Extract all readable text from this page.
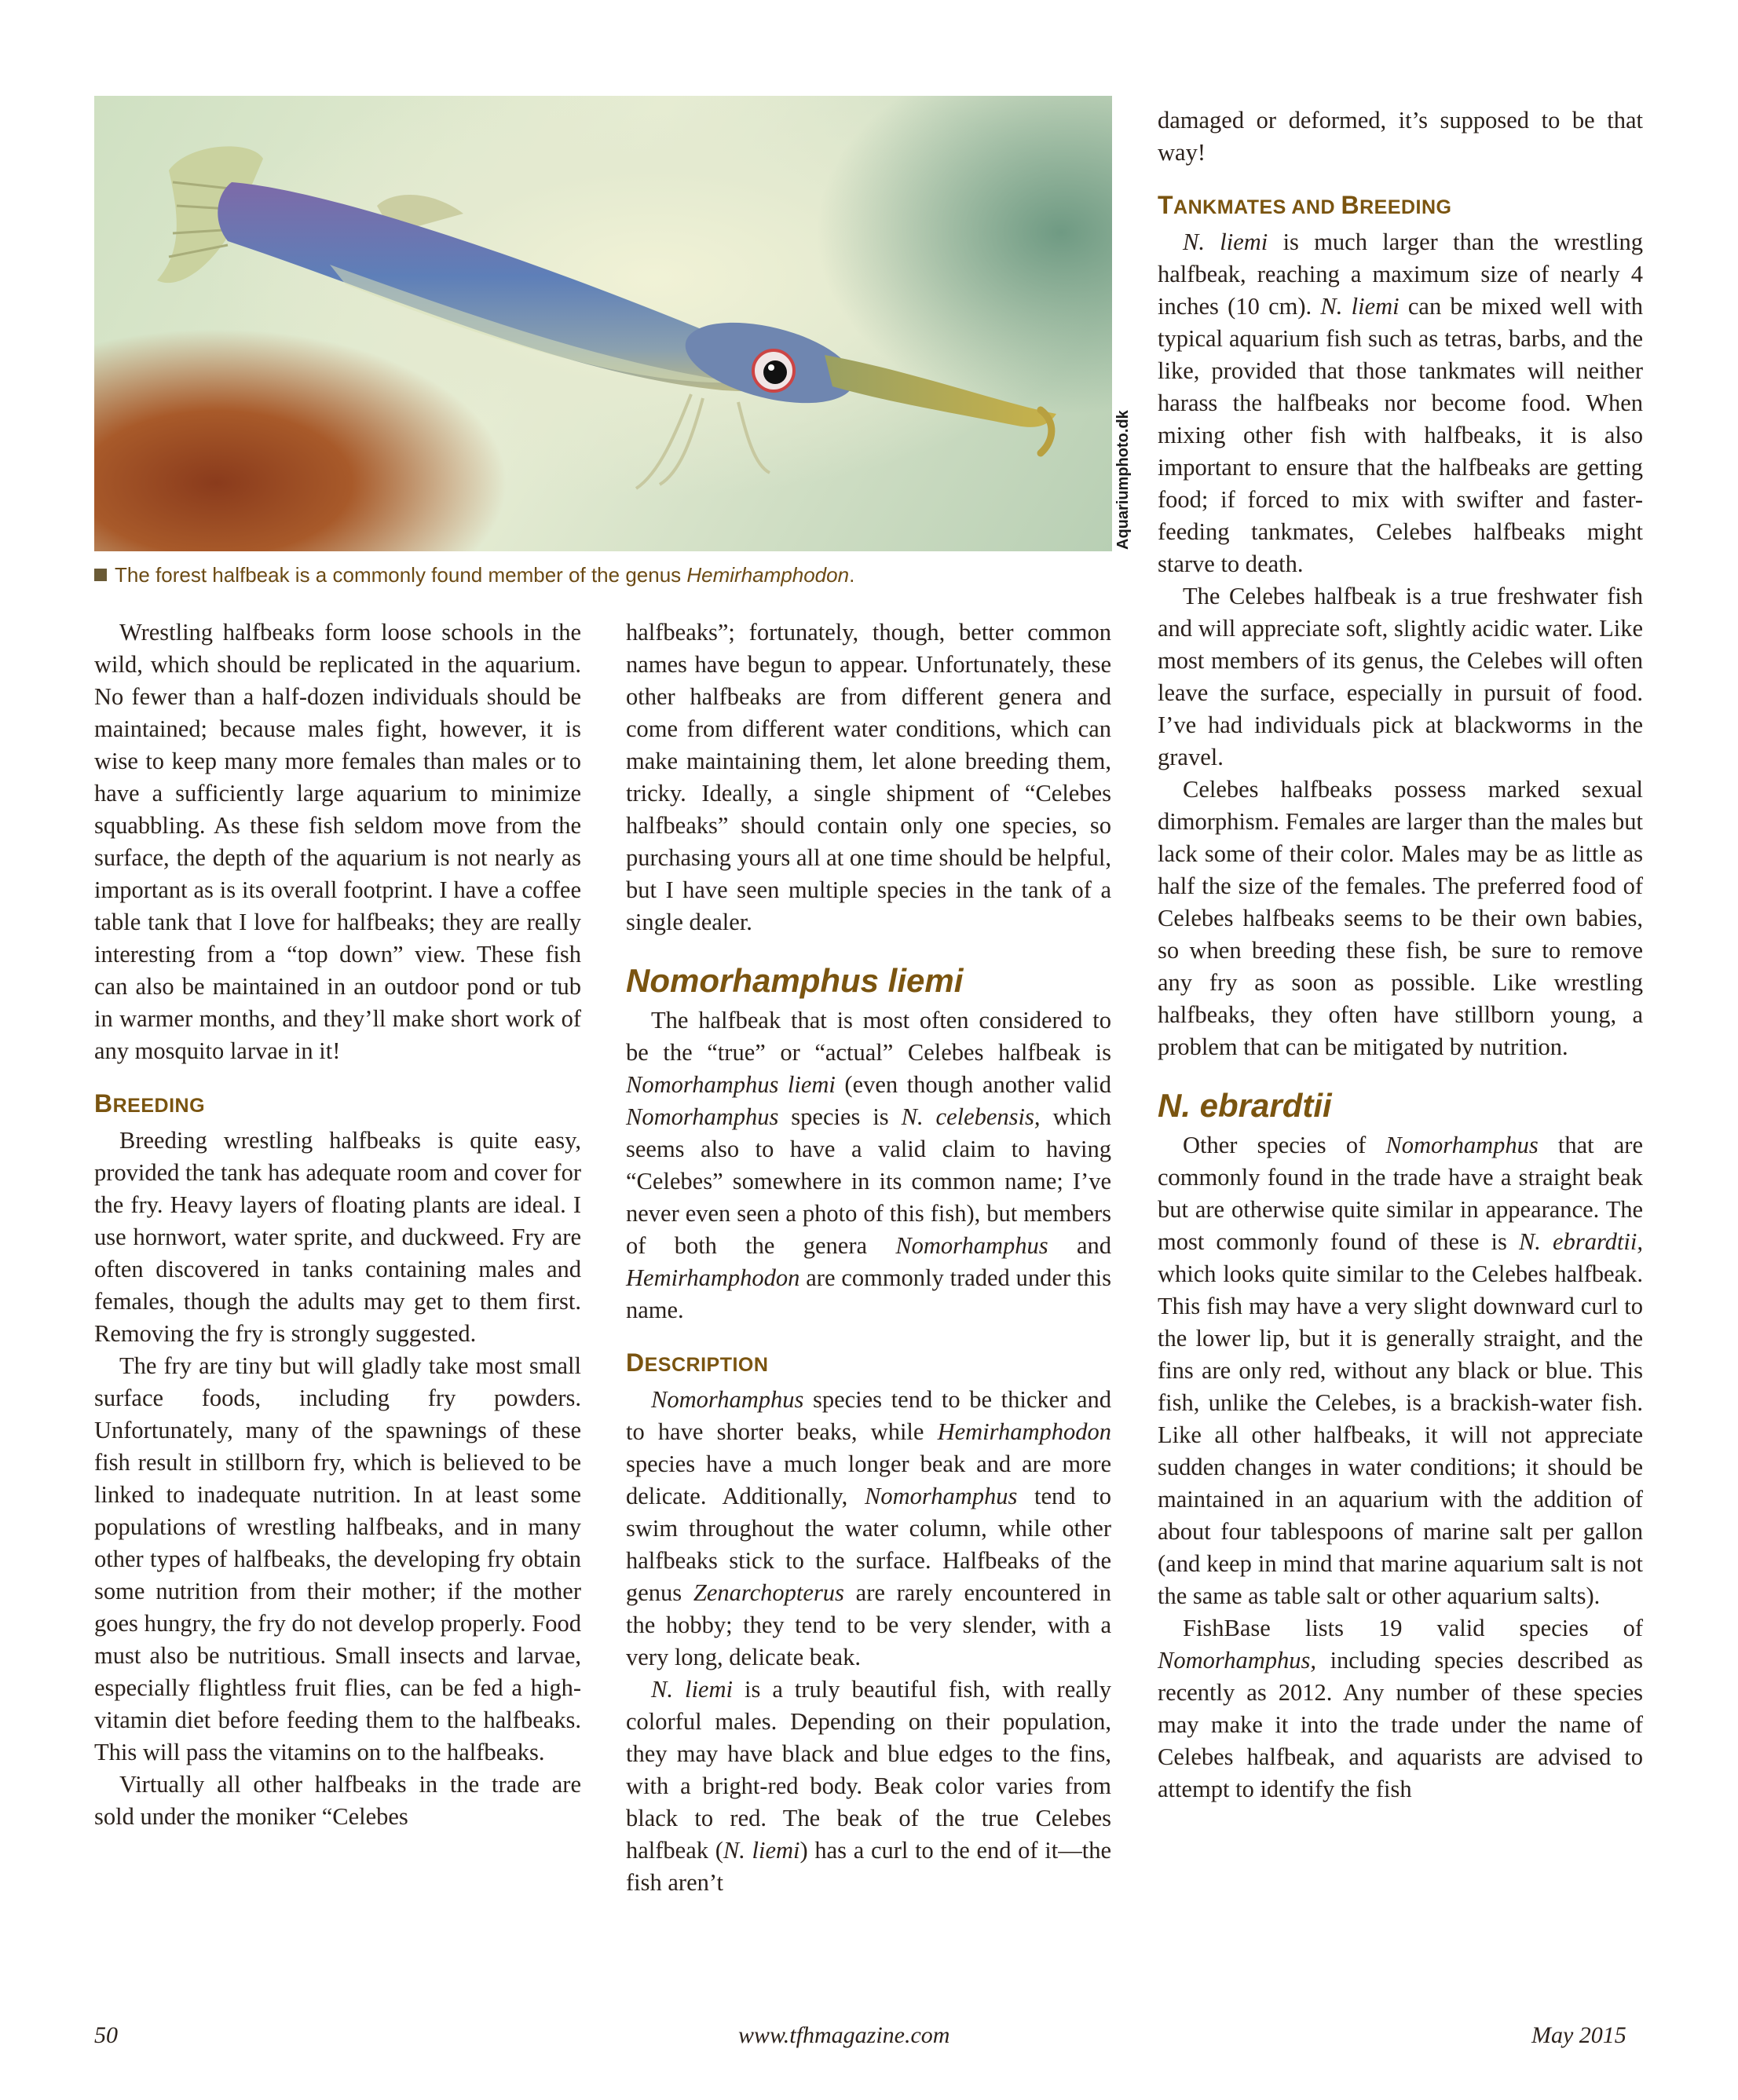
Aquariumphoto.dk
The forest halfbeak is a commonly found member of the genus Hemirhamphodon.

Wrestling halfbeaks form loose schools in the wild, which should be replicated in the aquarium. No fewer than a half-dozen individuals should be maintained; because males fight, however, it is wise to keep many more females than males or to have a sufficiently large aquarium to minimize squabbling. As these fish seldom move from the surface, the depth of the aquarium is not nearly as important as is its overall footprint. I have a coffee table tank that I love for halfbeaks; they are really interesting from a “top down” view. These fish can also be maintained in an outdoor pond or tub in warmer months, and they’ll make short work of any mosquito larvae in it!

BREEDING

Breeding wrestling halfbeaks is quite easy, provided the tank has adequate room and cover for the fry. Heavy layers of floating plants are ideal. I use hornwort, water sprite, and duckweed. Fry are often discovered in tanks containing males and females, though the adults may get to them first. Removing the fry is strongly suggested.

The fry are tiny but will gladly take most small surface foods, including fry powders. Unfortunately, many of the spawnings of these fish result in stillborn fry, which is believed to be linked to inadequate nutrition. In at least some populations of wrestling halfbeaks, and in many other types of halfbeaks, the developing fry obtain some nutrition from their mother; if the mother goes hungry, the fry do not develop properly. Food must also be nutritious. Small insects and larvae, especially flightless fruit flies, can be fed a high-vitamin diet before feeding them to the halfbeaks. This will pass the vitamins on to the halfbeaks.

Virtually all other halfbeaks in the trade are sold under the moniker “Celebes

halfbeaks”; fortunately, though, better common names have begun to appear. Unfortunately, these other halfbeaks are from different genera and come from different water conditions, which can make maintaining them, let alone breeding them, tricky. Ideally, a single shipment of “Celebes halfbeaks” should contain only one species, so purchasing yours all at one time should be helpful, but I have seen multiple species in the tank of a single dealer.

Nomorhamphus liemi

The halfbeak that is most often considered to be the “true” or “actual” Celebes halfbeak is Nomorhamphus liemi (even though another valid Nomorhamphus species is N. celebensis, which seems also to have a valid claim to having “Celebes” somewhere in its common name; I’ve never even seen a photo of this fish), but members of both the genera Nomorhamphus and Hemirhamphodon are commonly traded under this name.

DESCRIPTION

Nomorhamphus species tend to be thicker and to have shorter beaks, while Hemirhamphodon species have a much longer beak and are more delicate. Additionally, Nomorhamphus tend to swim throughout the water column, while other halfbeaks stick to the surface. Halfbeaks of the genus Zenarchopterus are rarely encountered in the hobby; they tend to be very slender, with a very long, delicate beak.

N. liemi is a truly beautiful fish, with really colorful males. Depending on their population, they may have black and blue edges to the fins, with a bright-red body. Beak color varies from black to red. The beak of the true Celebes halfbeak (N. liemi) has a curl to the end of it—the fish aren’t

damaged or deformed, it’s supposed to be that way!

TANKMATES AND BREEDING

N. liemi is much larger than the wrestling halfbeak, reaching a maximum size of nearly 4 inches (10 cm). N. liemi can be mixed well with typical aquarium fish such as tetras, barbs, and the like, provided that those tankmates will neither harass the halfbeaks nor become food. When mixing other fish with halfbeaks, it is also important to ensure that the halfbeaks are getting food; if forced to mix with swifter and faster-feeding tankmates, Celebes halfbeaks might starve to death.

The Celebes halfbeak is a true freshwater fish and will appreciate soft, slightly acidic water. Like most members of its genus, the Celebes will often leave the surface, especially in pursuit of food. I’ve had individuals pick at blackworms in the gravel.

Celebes halfbeaks possess marked sexual dimorphism. Females are larger than the males but lack some of their color. Males may be as little as half the size of the females. The preferred food of Celebes halfbeaks seems to be their own babies, so when breeding these fish, be sure to remove any fry as soon as possible. Like wrestling halfbeaks, they often have stillborn young, a problem that can be mitigated by nutrition.

N. ebrardtii

Other species of Nomorhamphus that are commonly found in the trade have a straight beak but are otherwise quite similar in appearance. The most commonly found of these is N. ebrardtii, which looks quite similar to the Celebes halfbeak. This fish may have a very slight downward curl to the lower lip, but it is generally straight, and the fins are only red, without any black or blue. This fish, unlike the Celebes, is a brackish-water fish. Like all other halfbeaks, it will not appreciate sudden changes in water conditions; it should be maintained in an aquarium with the addition of about four tablespoons of marine salt per gallon (and keep in mind that marine aquarium salt is not the same as table salt or other aquarium salts).

FishBase lists 19 valid species of Nomorhamphus, including species described as recently as 2012. Any number of these species may make it into the trade under the name of Celebes halfbeak, and aquarists are advised to attempt to identify the fish

50	www.tfhmagazine.com	May 2015
